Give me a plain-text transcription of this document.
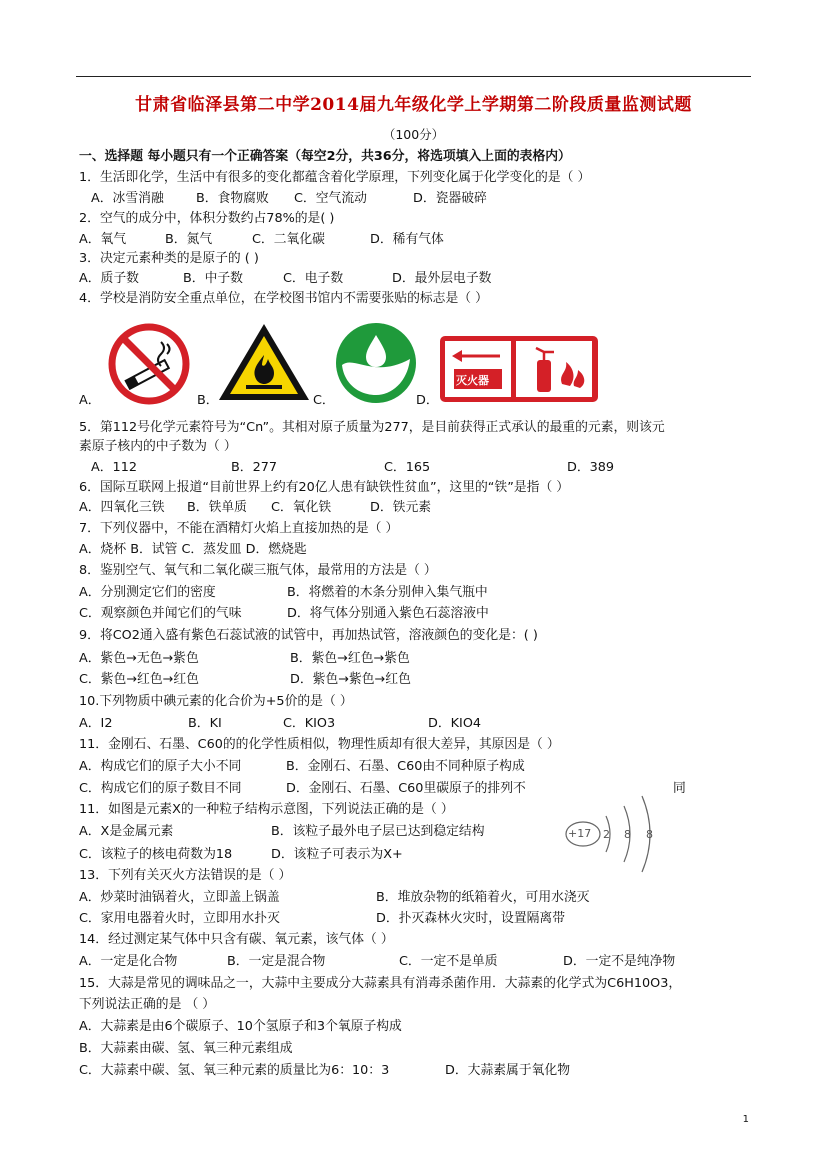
甘肃省临泽县第二中学2014届九年级化学上学期第二阶段质量监测试题
（100分）
一、选择题 每小题只有一个正确答案（每空2分，共36分，将选项填入上面的表格内）
1．生活即化学，生活中有很多的变化都蕴含着化学原理，下列变化属于化学变化的是（ ）
A．冰雪消融	B．食物腐败 C．空气流动	D．瓷器破碎
2．空气的成分中，体积分数约占78%的是( )
A．氧气	B．氮气	C．二氧化碳	D．稀有气体
3．决定元素种类的是原子的 ( )
A．质子数	B．中子数	C．电子数	D．最外层电子数
4．学校是消防安全重点单位，在学校图书馆内不需要张贴的标志是（ ）
A．	B．	C．
灭火器
D．
5．第112号化学元素符号为“Cn”。其相对原子质量为277，是目前获得正式承认的最重的元素，则该元
素原子核内的中子数为（ ）
A．112	B．277	C．165	D．389
6．国际互联网上报道“目前世界上约有20亿人患有缺铁性贫血”，这里的“铁”是指（ ）
A．四氧化三铁 B．铁单质 C．氧化铁	D．铁元素
7．下列仪器中，不能在酒精灯火焰上直接加热的是（ ）
A．烧杯 B．试管 C．蒸发皿 D．燃烧匙
8．鉴别空气、氧气和二氧化碳三瓶气体，最常用的方法是（ ）
A．分别测定它们的密度	B．将燃着的木条分别伸入集气瓶中
C．观察颜色并闻它们的气味	D．将气体分别通入紫色石蕊溶液中
9．将CO2通入盛有紫色石蕊试液的试管中，再加热试管，溶液颜色的变化是：( )
A．紫色→无色→紫色	B．紫色→红色→紫色
C．紫色→红色→红色	D．紫色→紫色→红色
10.下列物质中碘元素的化合价为+5价的是（ ）
A．I2	B．KI	C．KIO3	D．KIO4
11．金刚石、石墨、C60的的化学性质相似，物理性质却有很大差异，其原因是（ ）
A．构成它们的原子大小不同	B．金刚石、石墨、C60由不同种原子构成
C．构成它们的原子数目不同	D．金刚石、石墨、C60里碳原子的排列不	同
11．如图是元素X的一种粒子结构示意图，下列说法正确的是（ ）
A．X是金属元素	B．该粒子最外电子层已达到稳定结构
C．该粒子的核电荷数为18	D．该粒子可表示为X+
+17 2 8 8
13．下列有关灭火方法错误的是（ ）
A．炒菜时油锅着火，立即盖上锅盖	B．堆放杂物的纸箱着火，可用水浇灭
C．家用电器着火时，立即用水扑灭	D．扑灭森林火灾时，设置隔离带
14．经过测定某气体中只含有碳、氧元素，该气体（ ）
A．一定是化合物	B．一定是混合物	C．一定不是单质	D．一定不是纯净物
15．大蒜是常见的调味品之一，大蒜中主要成分大蒜素具有消毒杀菌作用．大蒜素的化学式为C6H10O3，
下列说法正确的是 （ ）
A．大蒜素是由6个碳原子、10个氢原子和3个氧原子构成
B．大蒜素由碳、氢、氧三种元素组成
C．大蒜素中碳、氢、氧三种元素的质量比为6：10：3	D．大蒜素属于氧化物
1
